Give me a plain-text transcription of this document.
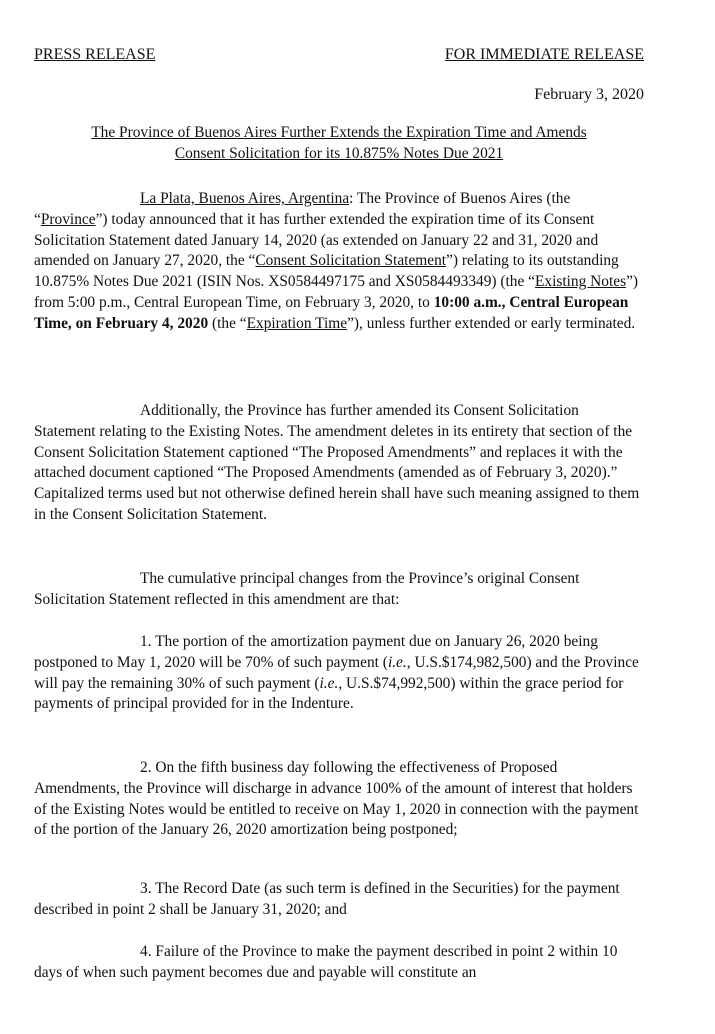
PRESS RELEASE	FOR IMMEDIATE RELEASE
February 3, 2020
The Province of Buenos Aires Further Extends the Expiration Time and Amends
Consent Solicitation for its 10.875% Notes Due 2021

La Plata, Buenos Aires, Argentina: The Province of Buenos Aires (the “Province”) today announced that it has further extended the expiration time of its Consent Solicitation Statement dated January 14, 2020 (as extended on January 22 and 31, 2020 and amended on January 27, 2020, the “Consent Solicitation Statement”) relating to its outstanding 10.875% Notes Due 2021 (ISIN Nos. XS0584497175 and XS0584493349) (the “Existing Notes”) from 5:00 p.m., Central European Time, on February 3, 2020, to 10:00 a.m., Central European Time, on February 4, 2020 (the “Expiration Time”), unless further extended or early terminated.

Additionally, the Province has further amended its Consent Solicitation Statement relating to the Existing Notes. The amendment deletes in its entirety that section of the Consent Solicitation Statement captioned “The Proposed Amendments” and replaces it with the attached document captioned “The Proposed Amendments (amended as of February 3, 2020).” Capitalized terms used but not otherwise defined herein shall have such meaning assigned to them in the Consent Solicitation Statement.

The cumulative principal changes from the Province’s original Consent Solicitation Statement reflected in this amendment are that:

1. The portion of the amortization payment due on January 26, 2020 being postponed to May 1, 2020 will be 70% of such payment (i.e., U.S.$174,982,500) and the Province will pay the remaining 30% of such payment (i.e., U.S.$74,992,500) within the grace period for payments of principal provided for in the Indenture.

2. On the fifth business day following the effectiveness of Proposed Amendments, the Province will discharge in advance 100% of the amount of interest that holders of the Existing Notes would be entitled to receive on May 1, 2020 in connection with the payment of the portion of the January 26, 2020 amortization being postponed;

3. The Record Date (as such term is defined in the Securities) for the payment described in point 2 shall be January 31, 2020; and

4. Failure of the Province to make the payment described in point 2 within 10 days of when such payment becomes due and payable will constitute an
